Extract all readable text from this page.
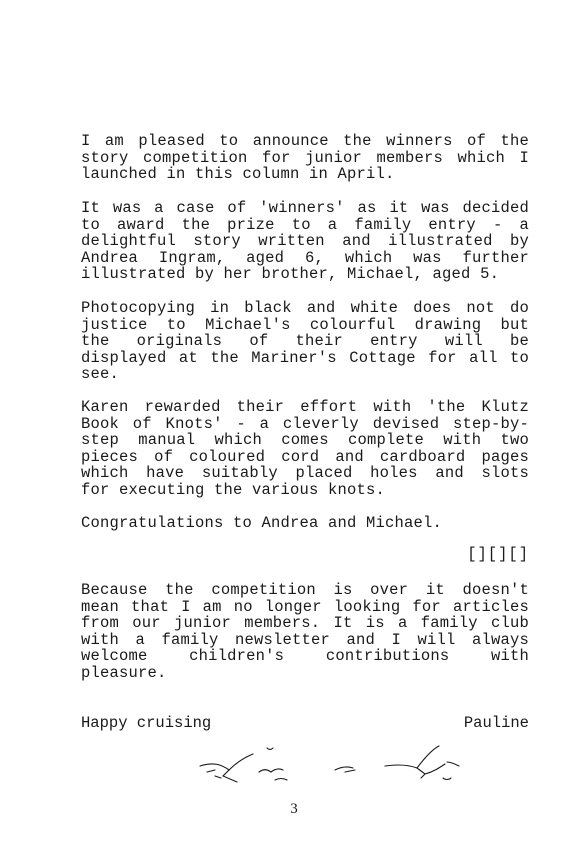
I am pleased to announce the winners of the
story competition for junior members which I
launched in this column in April.
It was a case of 'winners' as it was decided
to award the prize to a family entry - a
delightful story written and illustrated by
Andrea Ingram, aged 6, which was further
illustrated by her brother, Michael, aged 5.
Photocopying in black and white does not do
justice to Michael's colourful drawing but
the originals of their entry will be
displayed at the Mariner's Cottage for all to
see.
Karen rewarded their effort with 'the Klutz
Book of Knots' - a cleverly devised step-by-
step manual which comes complete with two
pieces of coloured cord and cardboard pages
which have suitably placed holes and slots
for executing the various knots.
Congratulations to Andrea and Michael.
[][][]
Because the competition is over it doesn't
mean that I am no longer looking for articles
from our junior members. It is a family club
with a family newsletter and I will always
welcome children's contributions with
pleasure.
Happy cruising	Pauline
3
